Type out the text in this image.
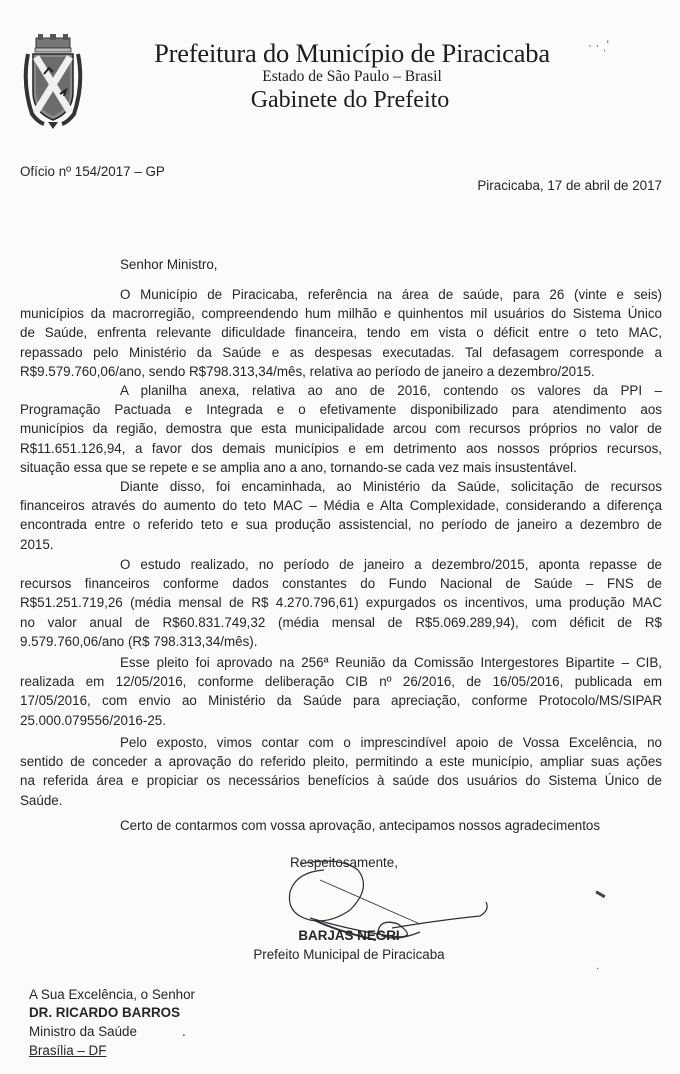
Prefeitura do Município de Piracicaba
Estado de São Paulo – Brasil
Gabinete do Prefeito
· · ˌ'
Ofício nº 154/2017 – GP
Piracicaba, 17 de abril de 2017
Senhor Ministro,
O Município de Piracicaba, referência na área de saúde, para 26 (vinte e seis)
municípios da macrorregião, compreendendo hum milhão e quinhentos mil usuários do Sistema Único
de Saúde, enfrenta relevante dificuldade financeira, tendo em vista o déficit entre o teto MAC,
repassado pelo Ministério da Saúde e as despesas executadas. Tal defasagem corresponde a
R$9.579.760,06/ano, sendo R$798.313,34/mês, relativa ao período de janeiro a dezembro/2015.
A planilha anexa, relativa ao ano de 2016, contendo os valores da PPI –
Programação Pactuada e Integrada e o efetivamente disponibilizado para atendimento aos
municípios da região, demostra que esta municipalidade arcou com recursos próprios no valor de
R$11.651.126,94, a favor dos demais municípios e em detrimento aos nossos próprios recursos,
situação essa que se repete e se amplia ano a ano, tornando-se cada vez mais insustentável.
Diante disso, foi encaminhada, ao Ministério da Saúde, solicitação de recursos
financeiros através do aumento do teto MAC – Média e Alta Complexidade, considerando a diferença
encontrada entre o referido teto e sua produção assistencial, no período de janeiro a dezembro de
2015.
O estudo realizado, no período de janeiro a dezembro/2015, aponta repasse de
recursos financeiros conforme dados constantes do Fundo Nacional de Saúde – FNS de
R$51.251.719,26 (média mensal de R$ 4.270.796,61) expurgados os incentivos, uma produção MAC
no valor anual de R$60.831.749,32 (média mensal de R$5.069.289,94), com déficit de R$
9.579.760,06/ano (R$ 798.313,34/mês).
Esse pleito foi aprovado na 256ª Reunião da Comissão Intergestores Bipartite – CIB,
realizada em 12/05/2016, conforme deliberação CIB nº 26/2016, de 16/05/2016, publicada em
17/05/2016, com envio ao Ministério da Saúde para apreciação, conforme Protocolo/MS/SIPAR
25.000.079556/2016-25.
Pelo exposto, vimos contar com o imprescindível apoio de Vossa Excelência, no
sentido de conceder a aprovação do referido pleito, permitindo a este município, ampliar suas ações
na referida área e propiciar os necessários benefícios à saúde dos usuários do Sistema Único de
Saúde.
Certo de contarmos com vossa aprovação, antecipamos nossos agradecimentos
Respeitosamente,
BARJAS NEGRI
Prefeito Municipal de Piracicaba
▬
·
A Sua Excelência, o Senhor
DR. RICARDO BARROS
Ministro da Saúde	.
Brasília – DF
